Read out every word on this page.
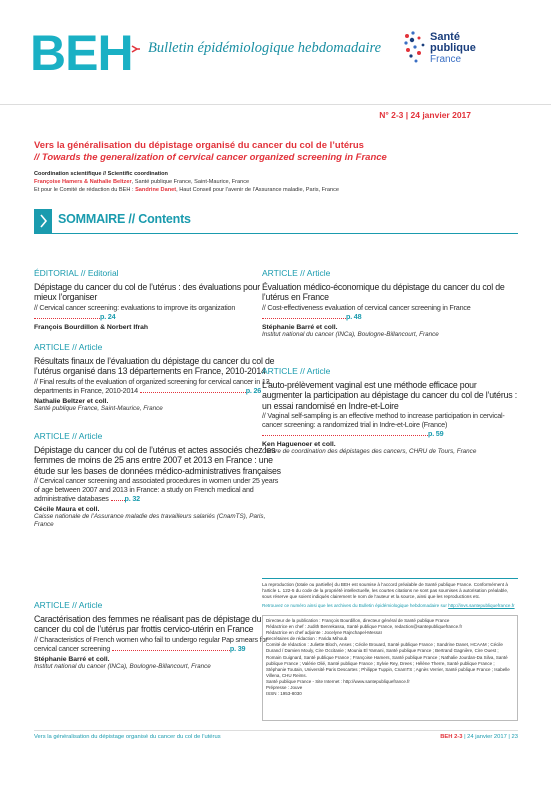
BEH Bulletin épidémiologique hebdomadaire
Santé
publique
France
N° 2-3 | 24 janvier 2017
Vers la généralisation du dépistage organisé du cancer du col de l’utérus
// Towards the generalization of cervical cancer organized screening in France
Coordination scientifique // Scientific coordination
Françoise Hamers & Nathalie Beltzer, Santé publique France, Saint-Maurice, France
Et pour le Comité de rédaction du BEH : Sandrine Danet, Haut Conseil pour l’avenir de l’Assurance maladie, Paris, France
SOMMAIRE // Contents
ÉDITORIAL // Editorial
Dépistage du cancer du col de l’utérus : des évaluations pour mieux l’organiser
// Cervical cancer screening: evaluations to improve its organization p. 24
François Bourdillon & Norbert Ifrah
ARTICLE // Article
Résultats finaux de l’évaluation du dépistage du cancer du col de l’utérus organisé dans 13 départements en France, 2010-2014
// Final results of the evaluation of organized screening for cervical cancer in 13 departments in France, 2010-2014	p. 26
Nathalie Beltzer et coll.
Santé publique France, Saint-Maurice, France
ARTICLE // Article
Dépistage du cancer du col de l’utérus et actes associés chez les femmes de moins de 25 ans entre 2007 et 2013 en France : une étude sur les bases de données médico-administratives françaises
// Cervical cancer screening and associated procedures in women under 25 years of age between 2007 and 2013 in France: a study on French medical and administrative databases p. 32
Cécile Maura et coll.
Caisse nationale de l’Assurance maladie des travailleurs salariés (CnamTS), Paris, France
ARTICLE // Article
Caractérisation des femmes ne réalisant pas de dépistage du cancer du col de l’utérus par frottis cervico-utérin en France
// Characteristics of French women who fail to undergo regular Pap smears for cervical cancer screening	p. 39
Stéphanie Barré et coll.
Institut national du cancer (INCa), Boulogne-Billancourt, France
ARTICLE // Article
Évaluation médico-économique du dépistage du cancer du col de l’utérus en France
// Cost-effectiveness evaluation of cervical cancer screening in France p. 48
Stéphanie Barré et coll.
Institut national du cancer (INCa), Boulogne-Billancourt, France
ARTICLE // Article
L’auto-prélèvement vaginal est une méthode efficace pour augmenter la participation au dépistage du cancer du col de l’utérus : un essai randomisé en Indre-et-Loire
// Vaginal self-sampling is an effective method to increase participation in cervical-cancer screening: a randomized trial in Indre-et-Loire (France) p. 59
Ken Haguenoer et coll.
Centre de coordination des dépistages des cancers, CHRU de Tours, France
La reproduction (totale ou partielle) du BEH est soumise à l’accord préalable de Santé publique France. Conformément à l’article L. 122-5 du code de la propriété intellectuelle, les courtes citations ne sont pas soumises à autorisation préalable, sous réserve que soient indiqués clairement le nom de l’auteur et la source, ainsi que les reproductions etc.
Retrouvez ce numéro ainsi que les archives du Bulletin épidémiologique hebdomadaire sur http://invs.santepubliquefrance.fr
Directeur de la publication : François Bourdillon, directeur général de Santé publique France
Rédactrice en chef : Judith Benrekassa, Santé publique France, redaction@santepubliquefrance.fr
Rédactrice en chef adjointe : Jocelyne Rajnchapel-Messaï
Secrétaires de rédaction : Farida Mihoub
Comité de rédaction : Juliette Bloch, Anses ; Cécile Brouard, Santé publique France ; Sandrine Danet, HCAAM ; Cécile Durand / Damien Mouly, Cire Occitanie ; Mounia El Yamani, Santé publique France ; Bertrand Gagnière, Cire Ouest ; Romain Guignard, Santé publique France ; Françoise Hamers, Santé publique France ; Nathalie Jourdan-Da Silva, Santé publique France ; Valérie Olié, Santé publique France ; Sylvie Rey, Drees ; Hélène Therre, Santé publique France ; Stéphanie Toutain, Université Paris Descartes ; Philippe Tuppin, CnamTS ; Agnès Verrier, Santé publique France ; Isabelle Villena, CHU Reims.
Santé publique France - Site Internet : http://www.santepubliquefrance.fr
Prépresse : Jouve
ISSN : 1953-8030
Vers la généralisation du dépistage organisé du cancer du col de l’utérus	BEH 2-3 | 24 janvier 2017 | 23
